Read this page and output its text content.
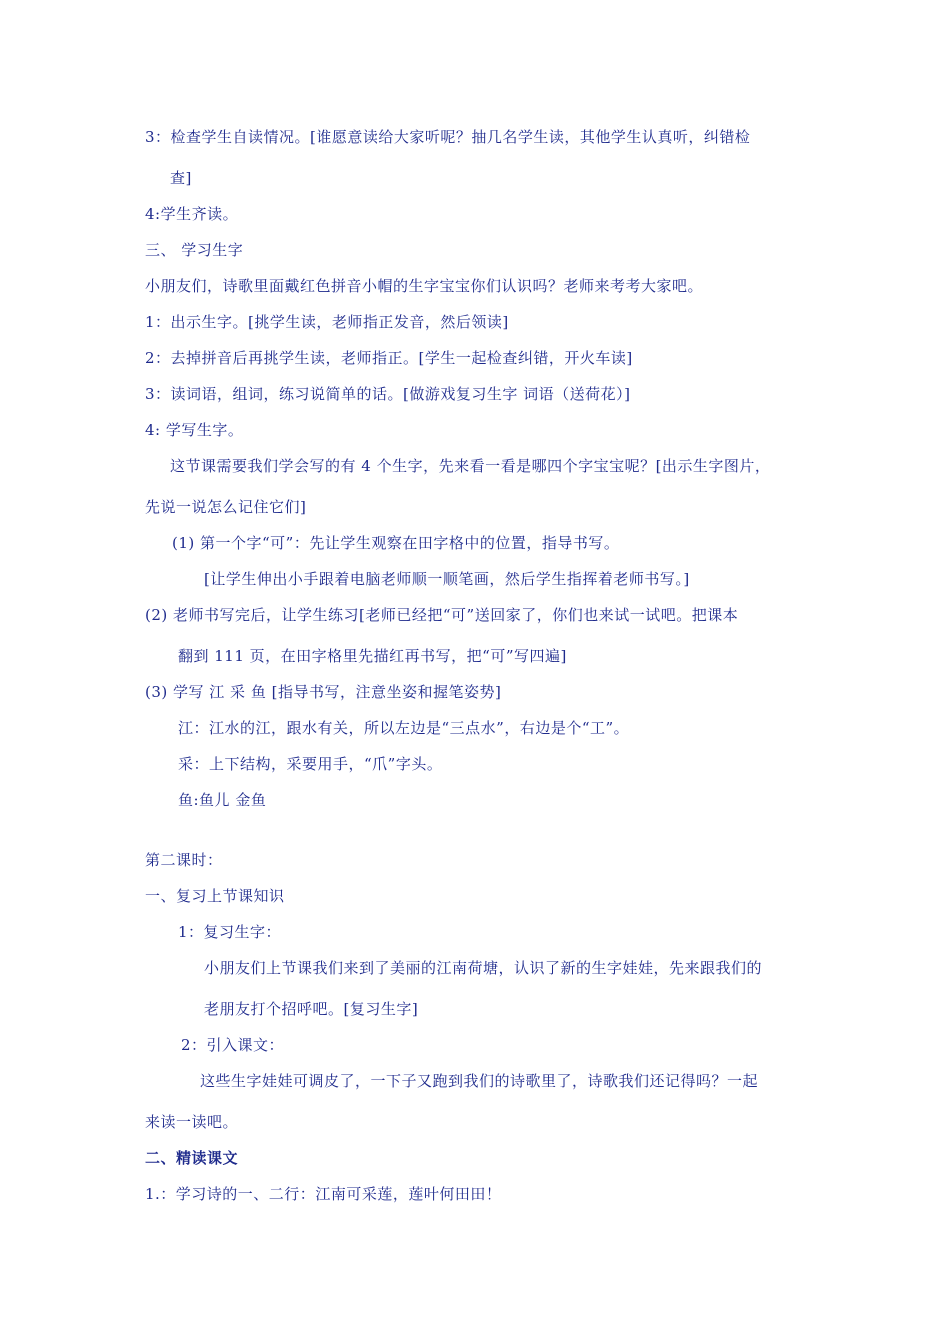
3：检查学生自读情况。[谁愿意读给大家听呢？抽几名学生读，其他学生认真听，纠错检
查]
4:学生齐读。
三、 学习生字
小朋友们，诗歌里面戴红色拼音小帽的生字宝宝你们认识吗？老师来考考大家吧。
1：出示生字。[挑学生读，老师指正发音，然后领读]
2：去掉拼音后再挑学生读，老师指正。[学生一起检查纠错，开火车读]
3：读词语，组词，练习说简单的话。[做游戏复习生字 词语（送荷花）]
4: 学写生字。
这节课需要我们学会写的有 4 个生字，先来看一看是哪四个字宝宝呢？[出示生字图片，
先说一说怎么记住它们]
(1) 第一个字“可”：先让学生观察在田字格中的位置，指导书写。
[让学生伸出小手跟着电脑老师顺一顺笔画，然后学生指挥着老师书写。]
(2) 老师书写完后，让学生练习[老师已经把“可”送回家了，你们也来试一试吧。把课本
翻到 111 页，在田字格里先描红再书写，把“可”写四遍]
(3) 学写 江 采 鱼 [指导书写，注意坐姿和握笔姿势]
江：江水的江，跟水有关，所以左边是“三点水”，右边是个“工”。
采：上下结构，采要用手，“爪”字头。
鱼:鱼儿 金鱼
第二课时：
一、复习上节课知识
1：复习生字：
小朋友们上节课我们来到了美丽的江南荷塘，认识了新的生字娃娃，先来跟我们的
老朋友打个招呼吧。[复习生字]
2：引入课文：
这些生字娃娃可调皮了，一下子又跑到我们的诗歌里了，诗歌我们还记得吗？一起
来读一读吧。
二、精读课文
1.：学习诗的一、二行：江南可采莲，莲叶何田田！
